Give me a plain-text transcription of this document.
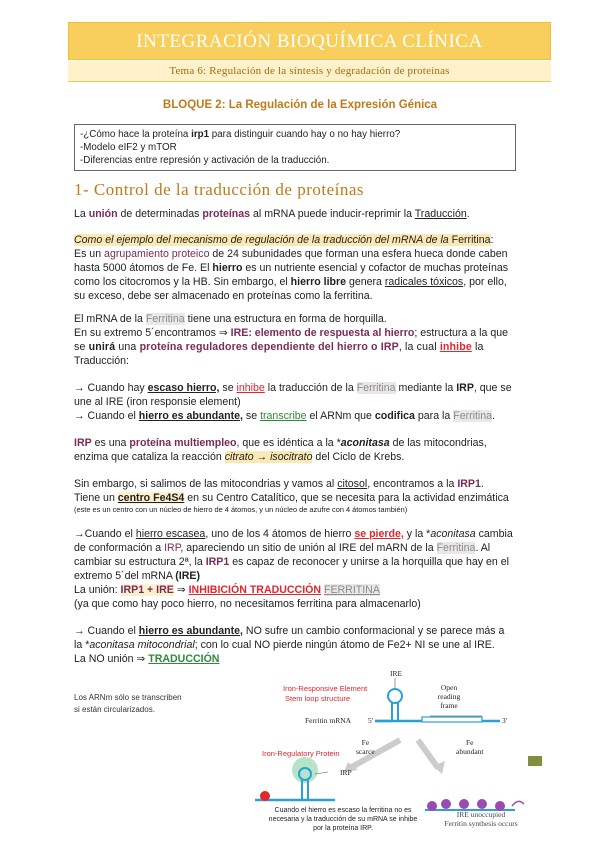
INTEGRACIÓN BIOQUÍMICA CLÍNICA
Tema 6: Regulación de la síntesis y degradación de proteínas
BLOQUE 2: La Regulación de la Expresión Génica
-¿Cómo hace la proteína irp1 para distinguir cuando hay o no hay hierro?
-Modelo eIF2 y mTOR
-Diferencias entre represión y activación de la traducción.
1- Control de la traducción de proteínas
La unión de determinadas proteínas al mRNA puede inducir-reprimir la Traducción.
Como el ejemplo del mecanismo de regulación de la traducción del mRNA de la Ferritina:
Es un agrupamiento proteico de 24 subunidades que forman una esfera hueca donde caben
hasta 5000 átomos de Fe. El hierro es un nutriente esencial y cofactor de muchas proteínas
como los citocromos y la HB. Sin embargo, el hierro libre genera radicales tóxicos, por ello,
su exceso, debe ser almacenado en proteínas como la ferritina.
El mRNA de la Ferritina tiene una estructura en forma de horquilla.
En su extremo 5´encontramos ⇒ IRE: elemento de respuesta al hierro; estructura a la que
se unirá una proteína reguladores dependiente del hierro o IRP, la cual inhibe la
Traducción:
→ Cuando hay escaso hierro, se inhibe la traducción de la Ferritina mediante la IRP, que se
une al IRE (iron responsie element)
→ Cuando el hierro es abundante, se transcribe el ARNm que codifica para la Ferritina.
IRP es una proteína multiempleo, que es idéntica a la *aconitasa de las mitocondrias,
enzima que cataliza la reacción citrato → isocitrato del Ciclo de Krebs.
Sin embargo, si salimos de las mitocondrias y vamos al citosol, encontramos a la IRP1.
Tiene un centro Fe4S4 en su Centro Catalítico, que se necesita para la actividad enzimática
(este es un centro con un núcleo de hierro de 4 átomos, y un núcleo de azufre con 4 átomos también)
→Cuando el hierro escasea, uno de los 4 átomos de hierro se pierde, y la *aconitasa cambia
de conformación a IRP, apareciendo un sitio de unión al IRE del mARN de la Ferritina. Al
cambiar su estructura 2ª, la IRP1 es capaz de reconocer y unirse a la horquilla que hay en el
extremo 5´del mRNA (IRE)
La unión: IRP1 + IRE ⇒ INHIBICIÓN TRADUCCIÓN FERRITINA
(ya que como hay poco hierro, no necesitamos ferritina para almacenarlo)
→ Cuando el hierro es abundante, NO sufre un cambio conformacional y se parece más a
la *aconitasa mitocondrial; con lo cual NO pierde ningún átomo de Fe2+ NI se une al IRE.
La NO unión ⇒ TRADUCCIÓN
Los ARNm sólo se transcriben
si están circularizados.
IRE
Iron-Responsive Element
Stem loop structure
Open
reading
frame
Ferritin mRNA 5'	3'
Fe
scarce
Fe
abundant
Iron-Regulatory Protein
IRP
Cuando el hierro es escaso la ferritina no es
necesaria y la traducción de su mRNA se inhibe
por la proteína IRP.
IRE unoccupied
Ferritin synthesis occurs
